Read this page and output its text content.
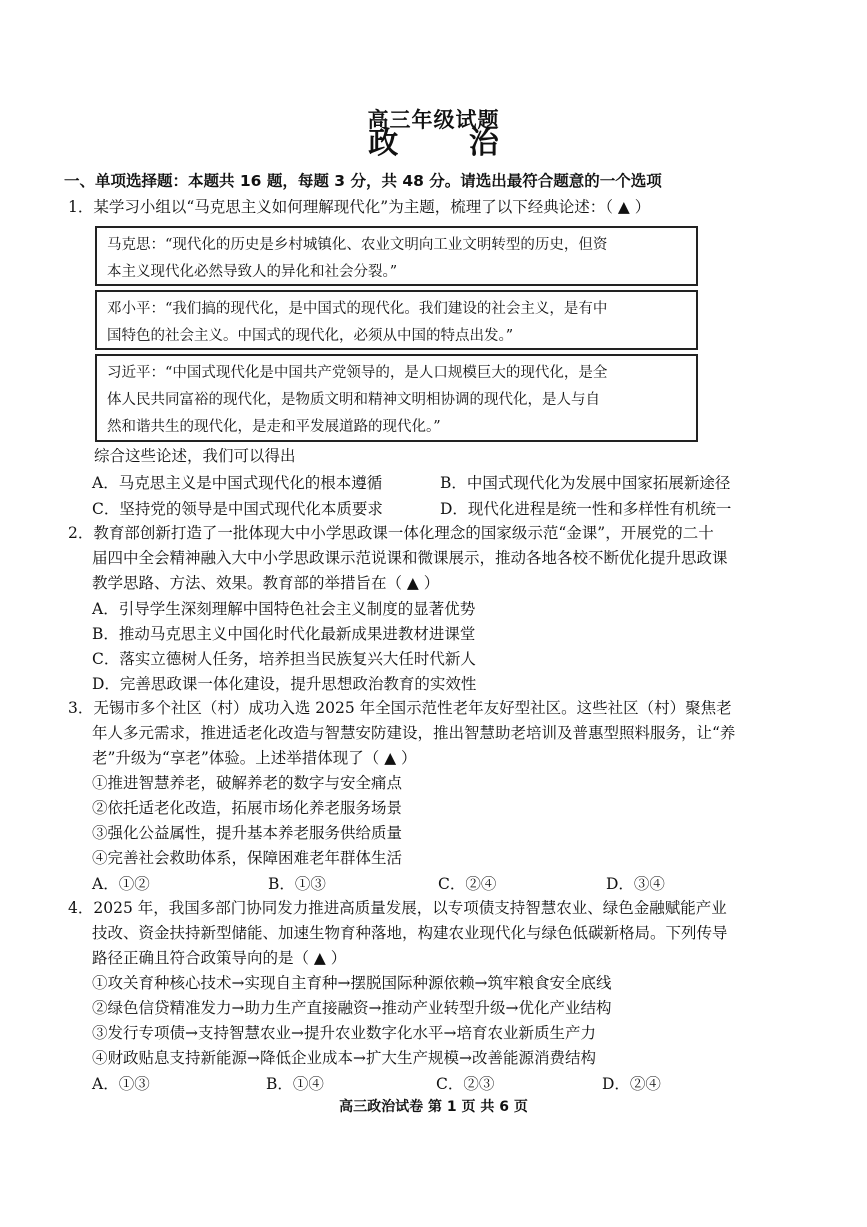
高三年级试题
政 治
一、单项选择题：本题共 16 题，每题 3 分，共 48 分。请选出最符合题意的一个选项
1．某学习小组以“马克思主义如何理解现代化”为主题，梳理了以下经典论述：（ ▲ ）
马克思：“现代化的历史是乡村城镇化、农业文明向工业文明转型的历史，但资
本主义现代化必然导致人的异化和社会分裂。”
邓小平：“我们搞的现代化，是中国式的现代化。我们建设的社会主义，是有中
国特色的社会主义。中国式的现代化，必须从中国的特点出发。”
习近平：“中国式现代化是中国共产党领导的，是人口规模巨大的现代化，是全
体人民共同富裕的现代化，是物质文明和精神文明相协调的现代化，是人与自
然和谐共生的现代化，是走和平发展道路的现代化。”
综合这些论述，我们可以得出
A．马克思主义是中国式现代化的根本遵循	B．中国式现代化为发展中国家拓展新途径
C．坚持党的领导是中国式现代化本质要求	D．现代化进程是统一性和多样性有机统一
2．教育部创新打造了一批体现大中小学思政课一体化理念的国家级示范“金课”，开展党的二十
届四中全会精神融入大中小学思政课示范说课和微课展示，推动各地各校不断优化提升思政课
教学思路、方法、效果。教育部的举措旨在（ ▲ ）
A．引导学生深刻理解中国特色社会主义制度的显著优势
B．推动马克思主义中国化时代化最新成果进教材进课堂
C．落实立德树人任务，培养担当民族复兴大任时代新人
D．完善思政课一体化建设，提升思想政治教育的实效性
3．无锡市多个社区（村）成功入选 2025 年全国示范性老年友好型社区。这些社区（村）聚焦老
年人多元需求，推进适老化改造与智慧安防建设，推出智慧助老培训及普惠型照料服务，让“养
老”升级为“享老”体验。上述举措体现了（ ▲ ）
①推进智慧养老，破解养老的数字与安全痛点
②依托适老化改造，拓展市场化养老服务场景
③强化公益属性，提升基本养老服务供给质量
④完善社会救助体系，保障困难老年群体生活
A．①②	B．①③	C．②④	D．③④
4．2025 年，我国多部门协同发力推进高质量发展，以专项债支持智慧农业、绿色金融赋能产业
技改、资金扶持新型储能、加速生物育种落地，构建农业现代化与绿色低碳新格局。下列传导
路径正确且符合政策导向的是（ ▲ ）
①攻关育种核心技术→实现自主育种→摆脱国际种源依赖→筑牢粮食安全底线
②绿色信贷精准发力→助力生产直接融资→推动产业转型升级→优化产业结构
③发行专项债→支持智慧农业→提升农业数字化水平→培育农业新质生产力
④财政贴息支持新能源→降低企业成本→扩大生产规模→改善能源消费结构
A．①③	B．①④	C．②③	D．②④
高三政治试卷 第 1 页 共 6 页
